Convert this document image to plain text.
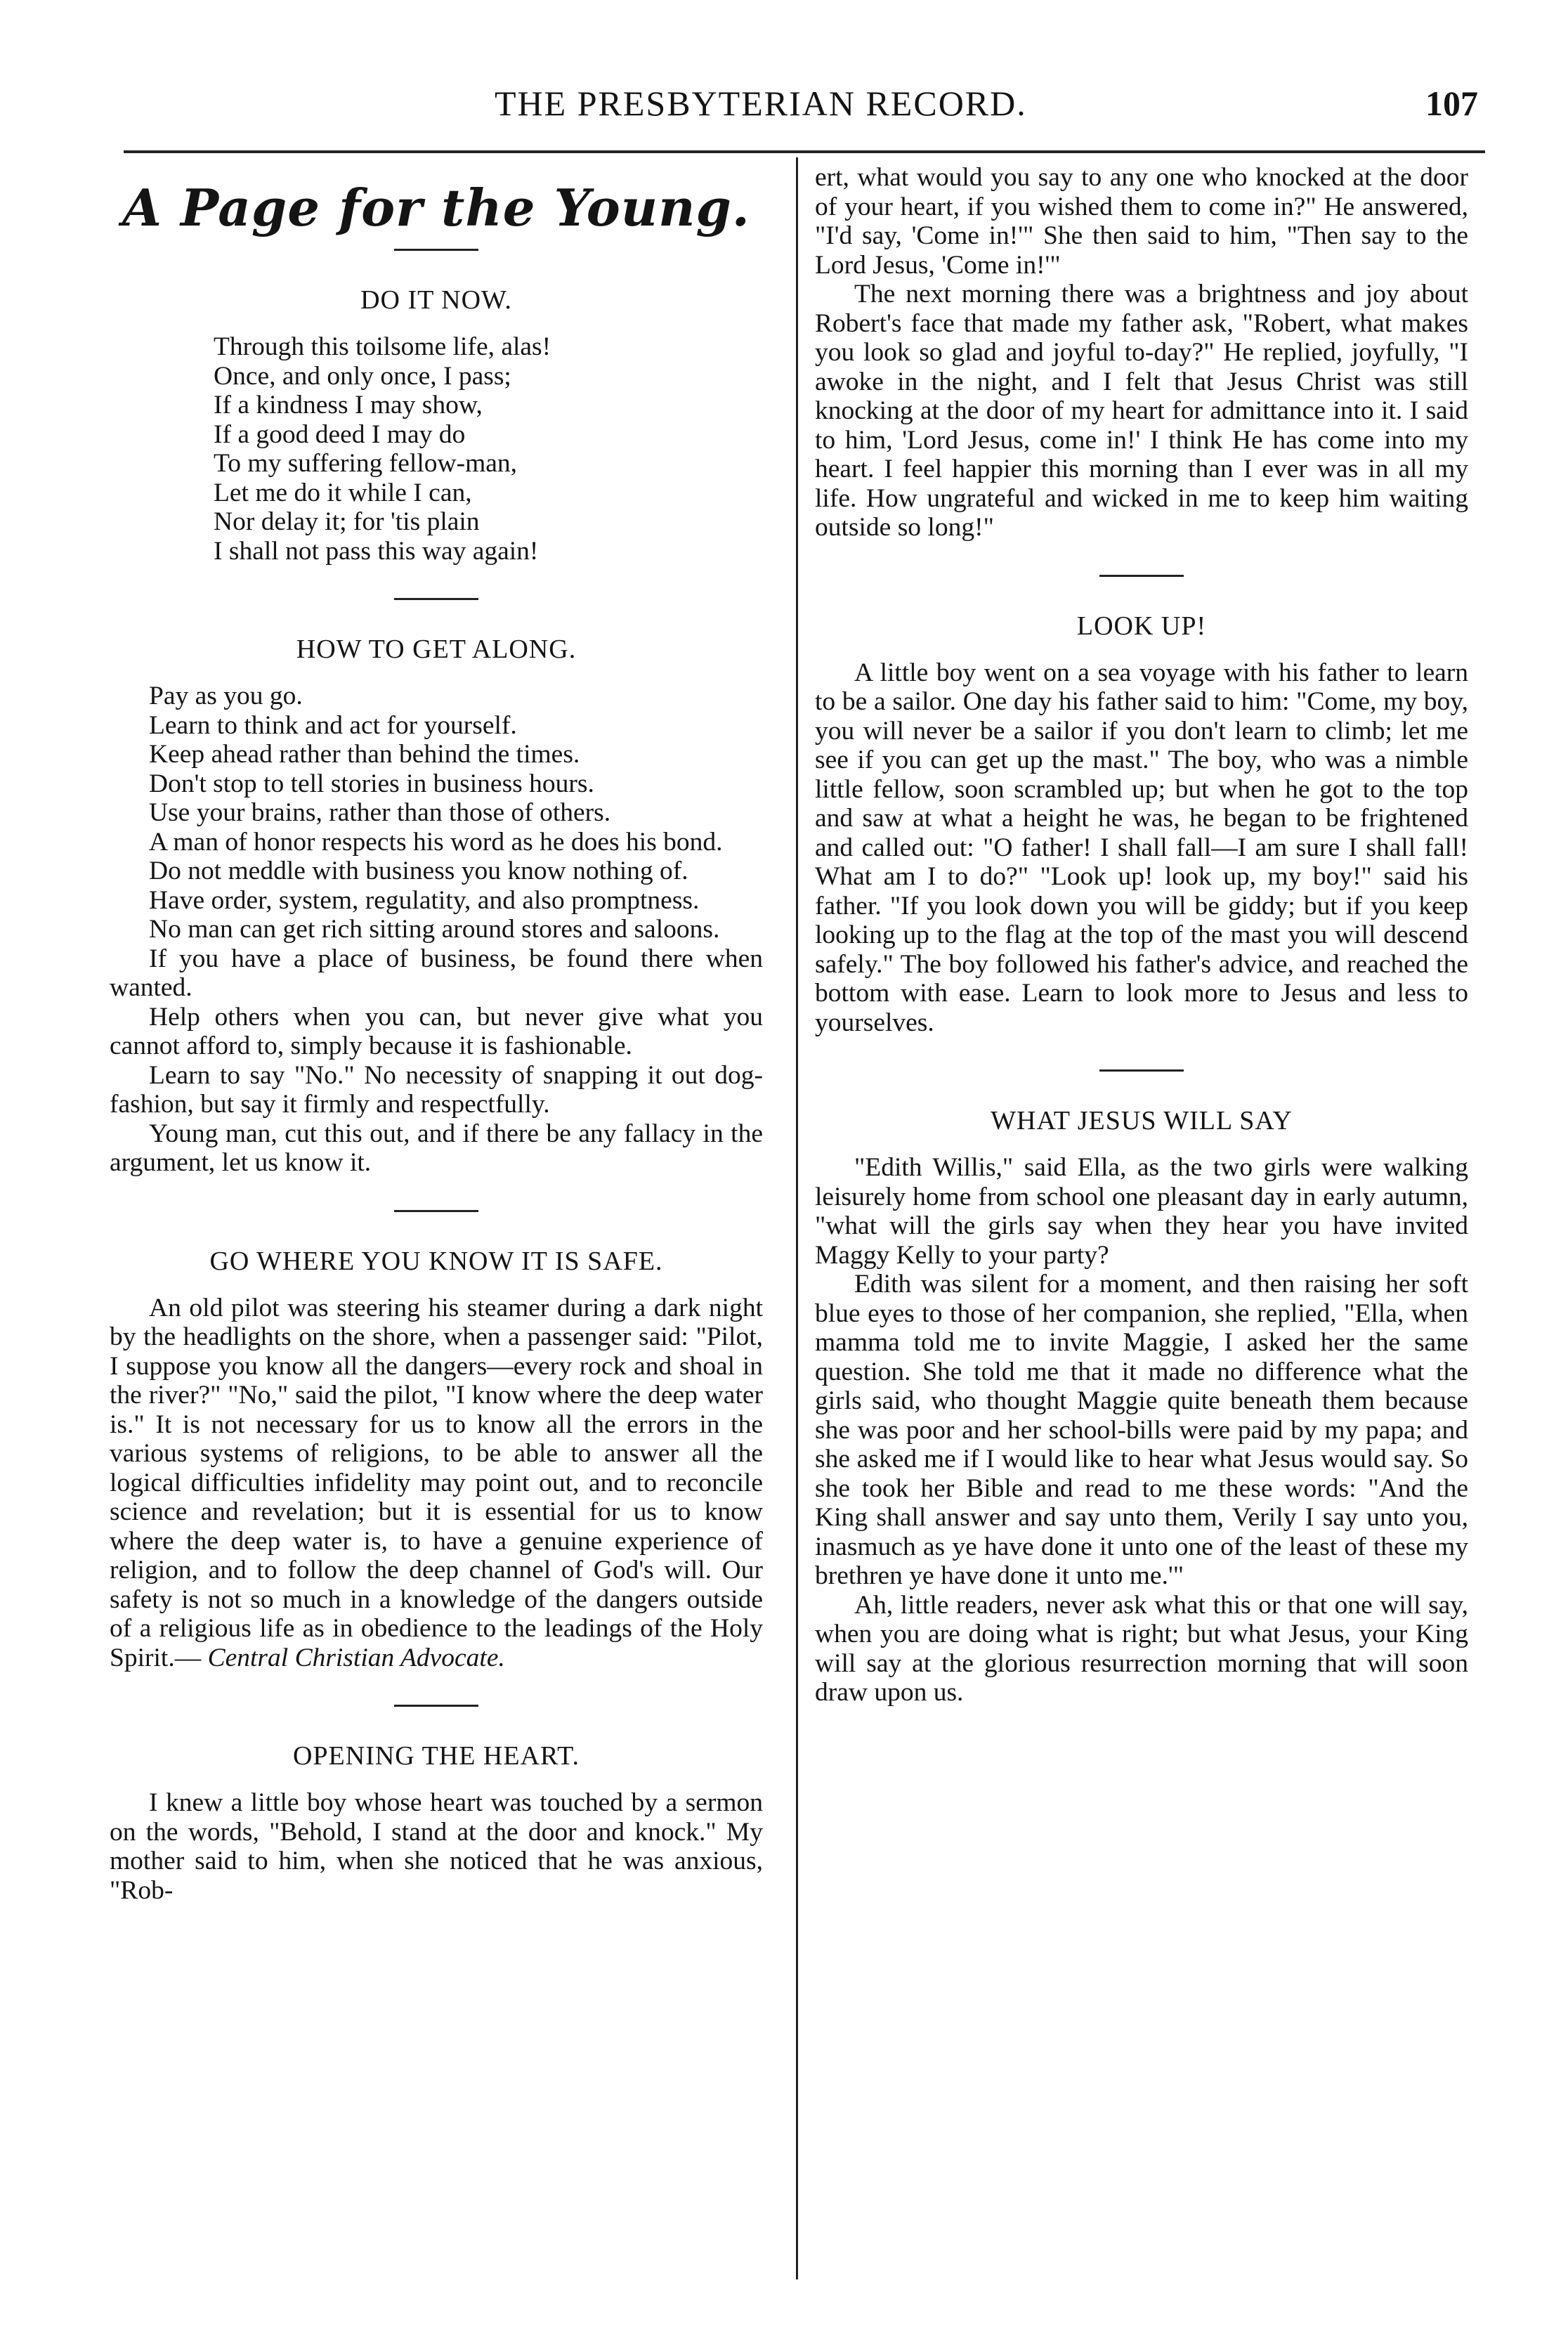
THE PRESBYTERIAN RECORD.	107
A Page for the Young.
DO IT NOW.
Through this toilsome life, alas!
Once, and only once, I pass;
If a kindness I may show,
If a good deed I may do
To my suffering fellow-man,
Let me do it while I can,
Nor delay it; for 'tis plain
I shall not pass this way again!
HOW TO GET ALONG.
Pay as you go.
Learn to think and act for yourself.
Keep ahead rather than behind the times.
Don't stop to tell stories in business hours.
Use your brains, rather than those of others.
A man of honor respects his word as he does his bond.
Do not meddle with business you know nothing of.
Have order, system, regulatity, and also promptness.
No man can get rich sitting around stores and saloons.
If you have a place of business, be found there when wanted.
Help others when you can, but never give what you cannot afford to, simply because it is fashionable.
Learn to say "No." No necessity of snapping it out dog-fashion, but say it firmly and respectfully.
Young man, cut this out, and if there be any fallacy in the argument, let us know it.
GO WHERE YOU KNOW IT IS SAFE.

An old pilot was steering his steamer during a dark night by the headlights on the shore, when a passenger said: "Pilot, I suppose you know all the dangers—every rock and shoal in the river?" "No," said the pilot, "I know where the deep water is." It is not necessary for us to know all the errors in the various systems of religions, to be able to answer all the logical difficulties infidelity may point out, and to reconcile science and revelation; but it is essential for us to know where the deep water is, to have a genuine experience of religion, and to follow the deep channel of God's will. Our safety is not so much in a knowledge of the dangers outside of a religious life as in obedience to the leadings of the Holy Spirit.— Central Christian Advocate.

OPENING THE HEART.

I knew a little boy whose heart was touched by a sermon on the words, "Behold, I stand at the door and knock." My mother said to him, when she noticed that he was anxious, "Rob-

ert, what would you say to any one who knocked at the door of your heart, if you wished them to come in?" He answered, "I'd say, 'Come in!'" She then said to him, "Then say to the Lord Jesus, 'Come in!'"

The next morning there was a brightness and joy about Robert's face that made my father ask, "Robert, what makes you look so glad and joyful to-day?" He replied, joyfully, "I awoke in the night, and I felt that Jesus Christ was still knocking at the door of my heart for admittance into it. I said to him, 'Lord Jesus, come in!' I think He has come into my heart. I feel happier this morning than I ever was in all my life. How ungrateful and wicked in me to keep him waiting outside so long!"

LOOK UP!

A little boy went on a sea voyage with his father to learn to be a sailor. One day his father said to him: "Come, my boy, you will never be a sailor if you don't learn to climb; let me see if you can get up the mast." The boy, who was a nimble little fellow, soon scrambled up; but when he got to the top and saw at what a height he was, he began to be frightened and called out: "O father! I shall fall—I am sure I shall fall! What am I to do?" "Look up! look up, my boy!" said his father. "If you look down you will be giddy; but if you keep looking up to the flag at the top of the mast you will descend safely." The boy followed his father's advice, and reached the bottom with ease. Learn to look more to Jesus and less to yourselves.

WHAT JESUS WILL SAY

"Edith Willis," said Ella, as the two girls were walking leisurely home from school one pleasant day in early autumn, "what will the girls say when they hear you have invited Maggy Kelly to your party?

Edith was silent for a moment, and then raising her soft blue eyes to those of her companion, she replied, "Ella, when mamma told me to invite Maggie, I asked her the same question. She told me that it made no difference what the girls said, who thought Maggie quite beneath them because she was poor and her school-bills were paid by my papa; and she asked me if I would like to hear what Jesus would say. So she took her Bible and read to me these words: "And the King shall answer and say unto them, Verily I say unto you, inasmuch as ye have done it unto one of the least of these my brethren ye have done it unto me.'"

Ah, little readers, never ask what this or that one will say, when you are doing what is right; but what Jesus, your King will say at the glorious resurrection morning that will soon draw upon us.
